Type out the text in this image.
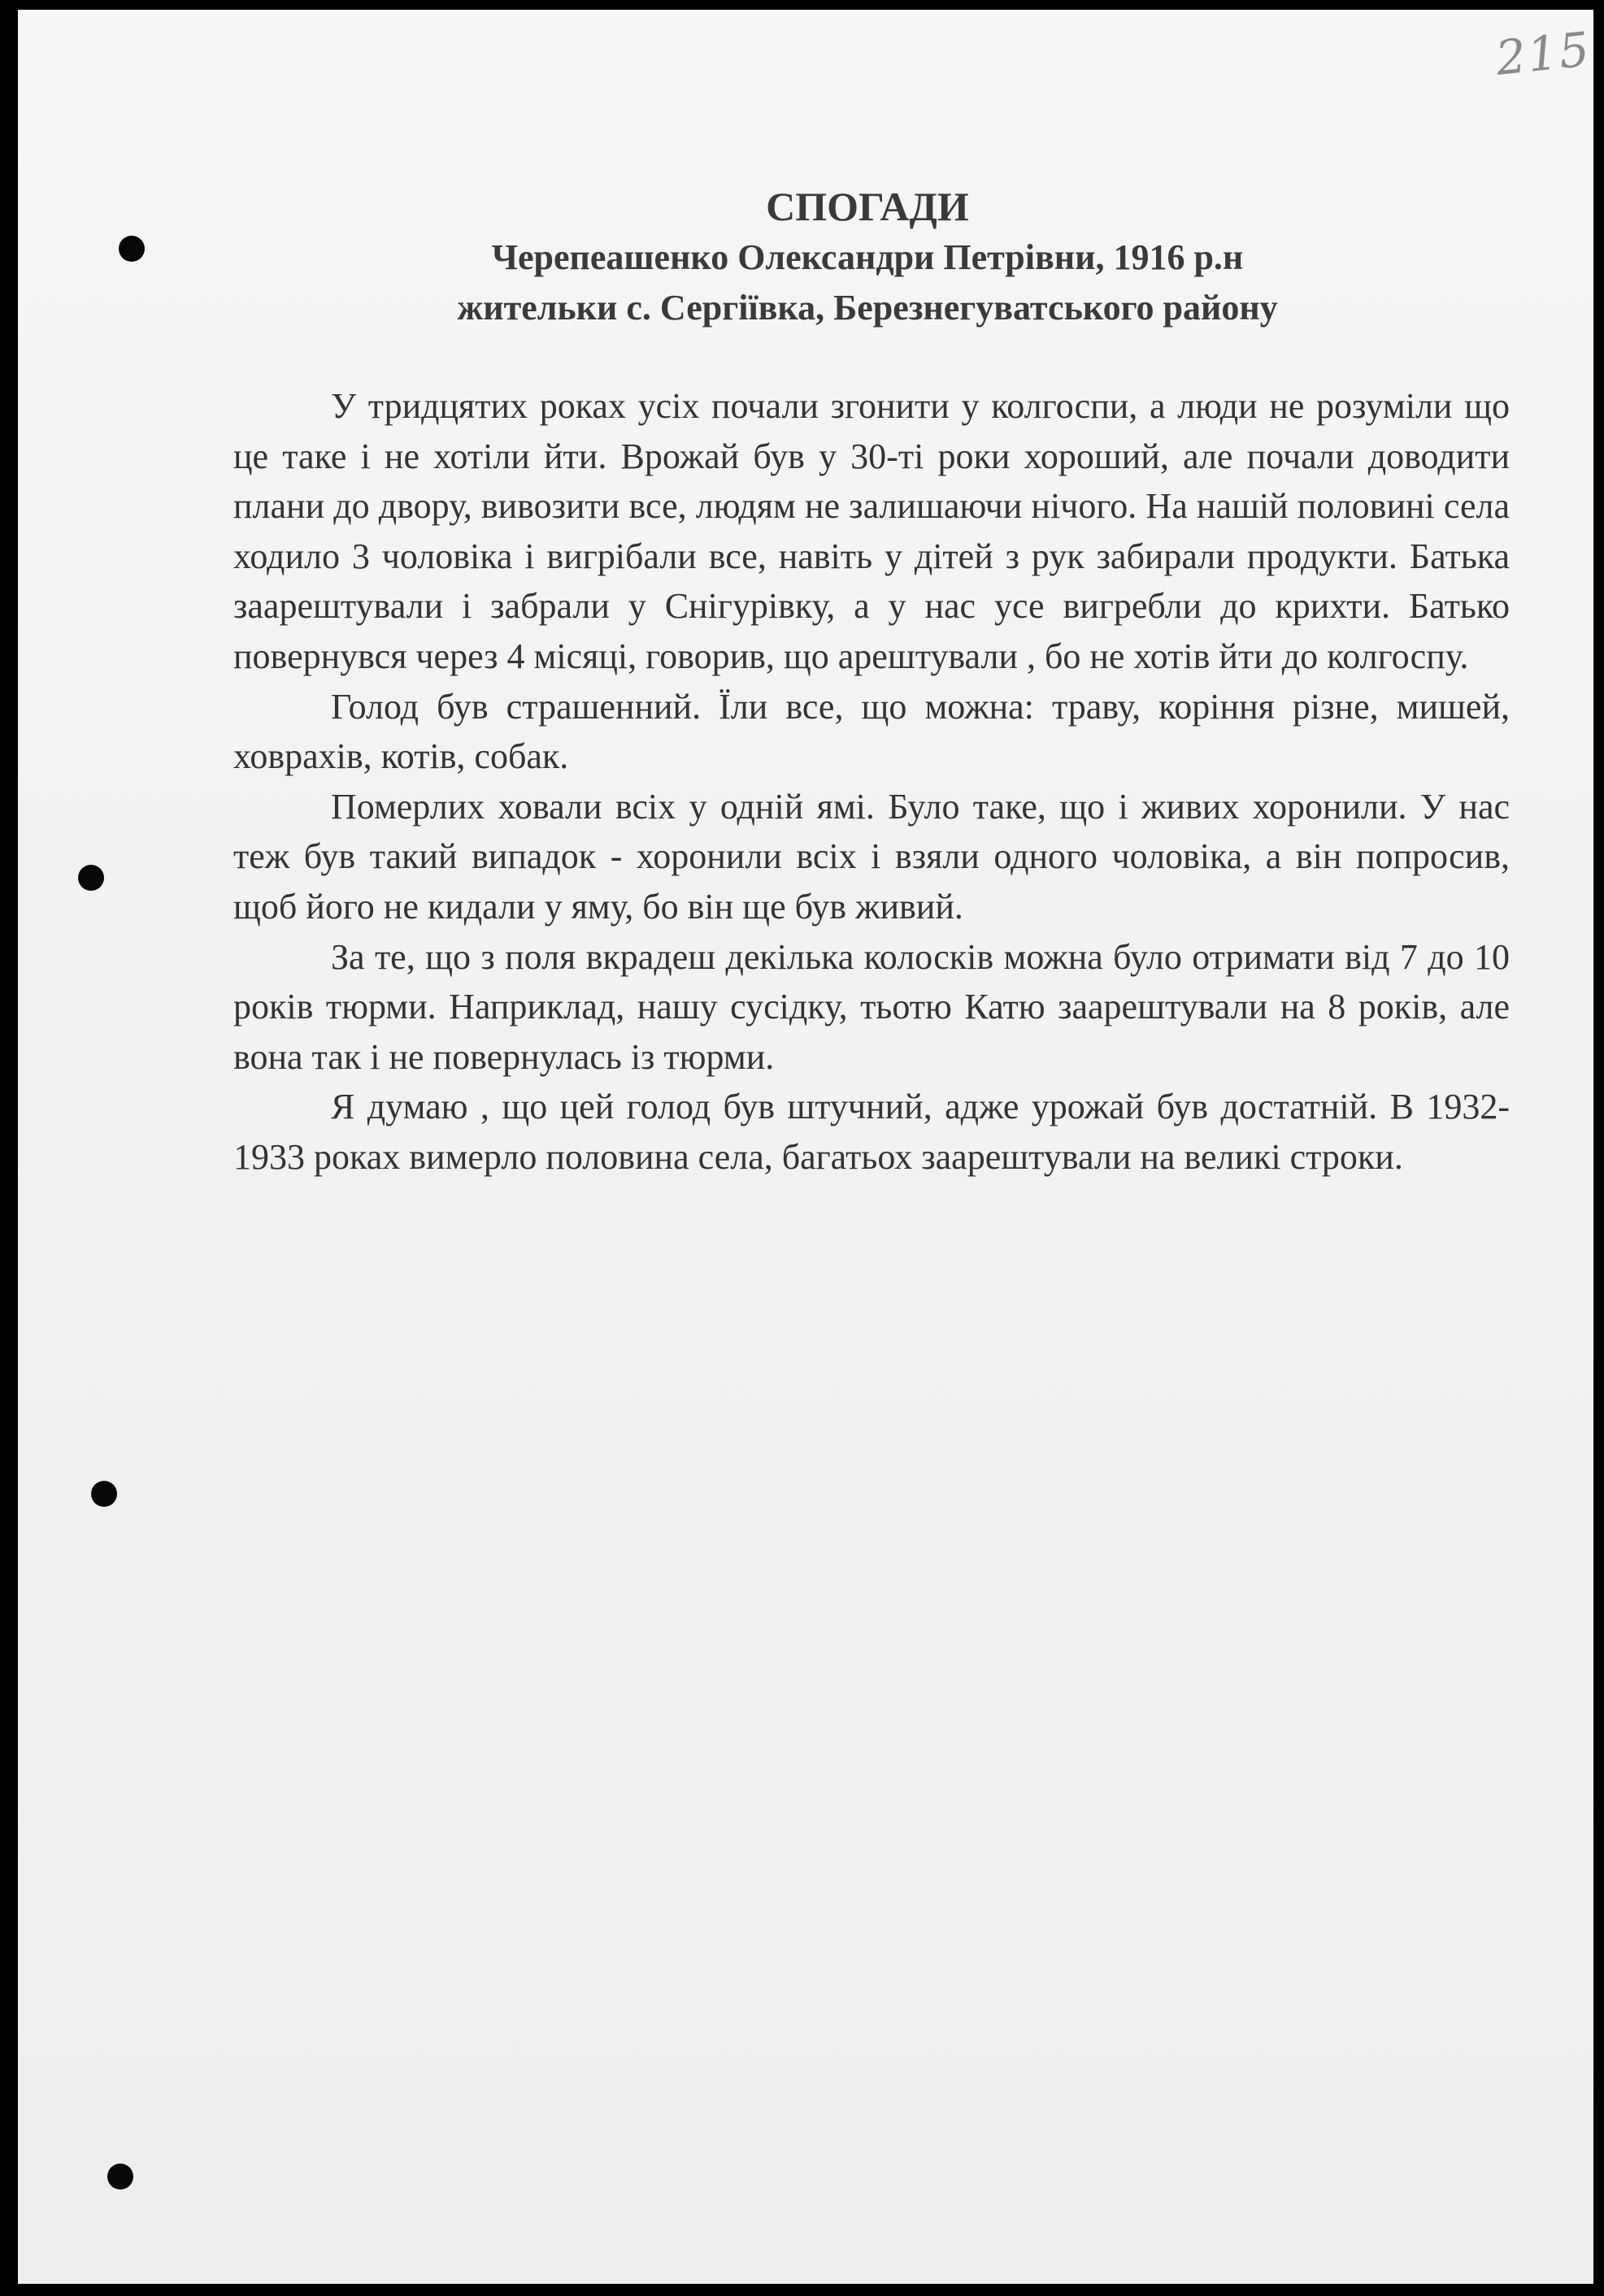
215
СПОГАДИ
Черепеашенко Олександри Петрівни, 1916 р.н
жительки с. Сергіївка, Березнегуватського району

У тридцятих роках усіх почали згонити у колгоспи, а люди не розуміли що це таке і не хотіли йти. Врожай був у 30-ті роки хороший, але почали доводити плани до двору, вивозити все, людям не залишаючи нічого. На нашій половині села ходило 3 чоловіка і вигрібали все, навіть у дітей з рук забирали продукти. Батька заарештували і забрали у Снігурівку, а у нас усе вигребли до крихти. Батько повернувся через 4 місяці, говорив, що арештували , бо не хотів йти до колгоспу.

Голод був страшенний. Їли все, що можна: траву, коріння різне, мишей, ховрахів, котів, собак.

Померлих ховали всіх у одній ямі. Було таке, що і живих хоронили. У нас теж був такий випадок - хоронили всіх і взяли одного чоловіка, а він попросив, щоб його не кидали у яму, бо він ще був живий.

За те, що з поля вкрадеш декілька колосків можна було отримати від 7 до 10 років тюрми. Наприклад, нашу сусідку, тьотю Катю заарештували на 8 років, але вона так і не повернулась із тюрми.

Я думаю , що цей голод був штучний, адже урожай був достатній. В 1932-1933 роках вимерло половина села, багатьох заарештували на великі строки.
